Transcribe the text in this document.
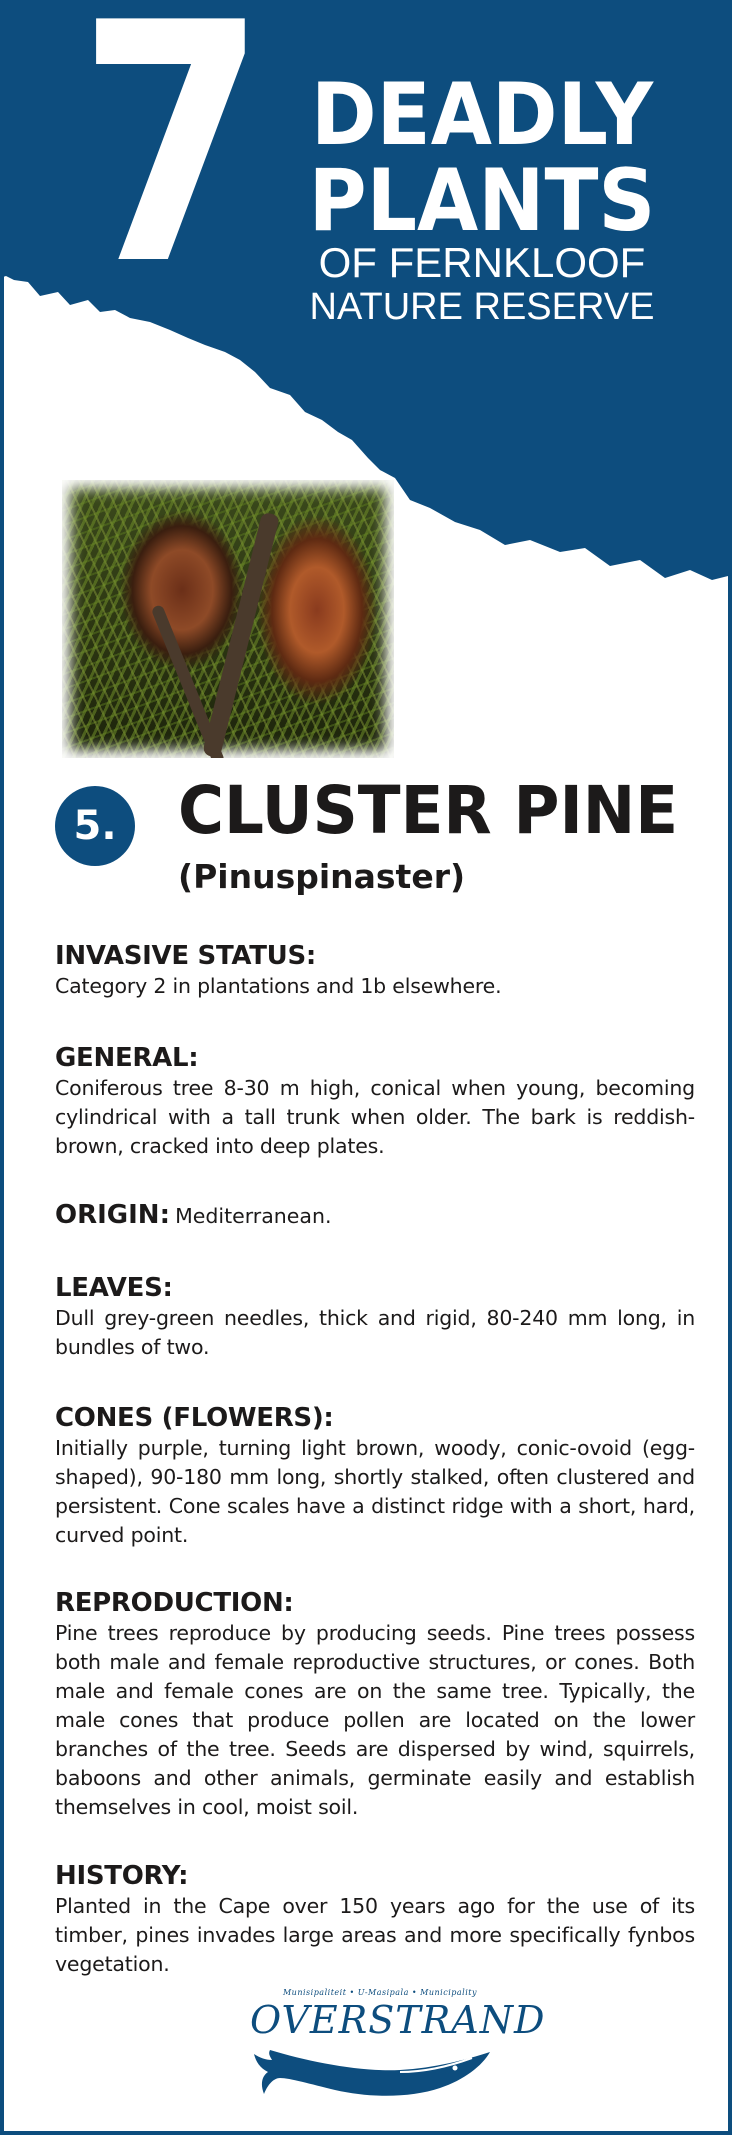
7 DEADLY
PLANTS
OF FERNKLOOF
NATURE RESERVE
5. CLUSTER PINE
(Pinuspinaster)
INVASIVE STATUS:

Category 2 in plantations and 1b elsewhere.

GENERAL:

Coniferous tree 8-30 m high, conical when young, becoming cylindrical with a tall trunk when older. The bark is reddish-brown, cracked into deep plates.

ORIGIN: Mediterranean.
LEAVES:

Dull grey-green needles, thick and rigid, 80-240 mm long, in bundles of two.

CONES (FLOWERS):

Initially purple, turning light brown, woody, conic-ovoid (egg-shaped), 90-180 mm long, shortly stalked, often clustered and persistent. Cone scales have a distinct ridge with a short, hard, curved point.

REPRODUCTION:

Pine trees reproduce by producing seeds. Pine trees possess both male and female reproductive structures, or cones. Both male and female cones are on the same tree. Typically, the male cones that produce pollen are located on the lower branches of the tree. Seeds are dispersed by wind, squirrels, baboons and other animals, germinate easily and establish themselves in cool, moist soil.

HISTORY:

Planted in the Cape over 150 years ago for the use of its timber, pines invades large areas and more specifically fynbos vegetation.

Munisipaliteit • U-Masipala • Municipality
OVERSTRAND
